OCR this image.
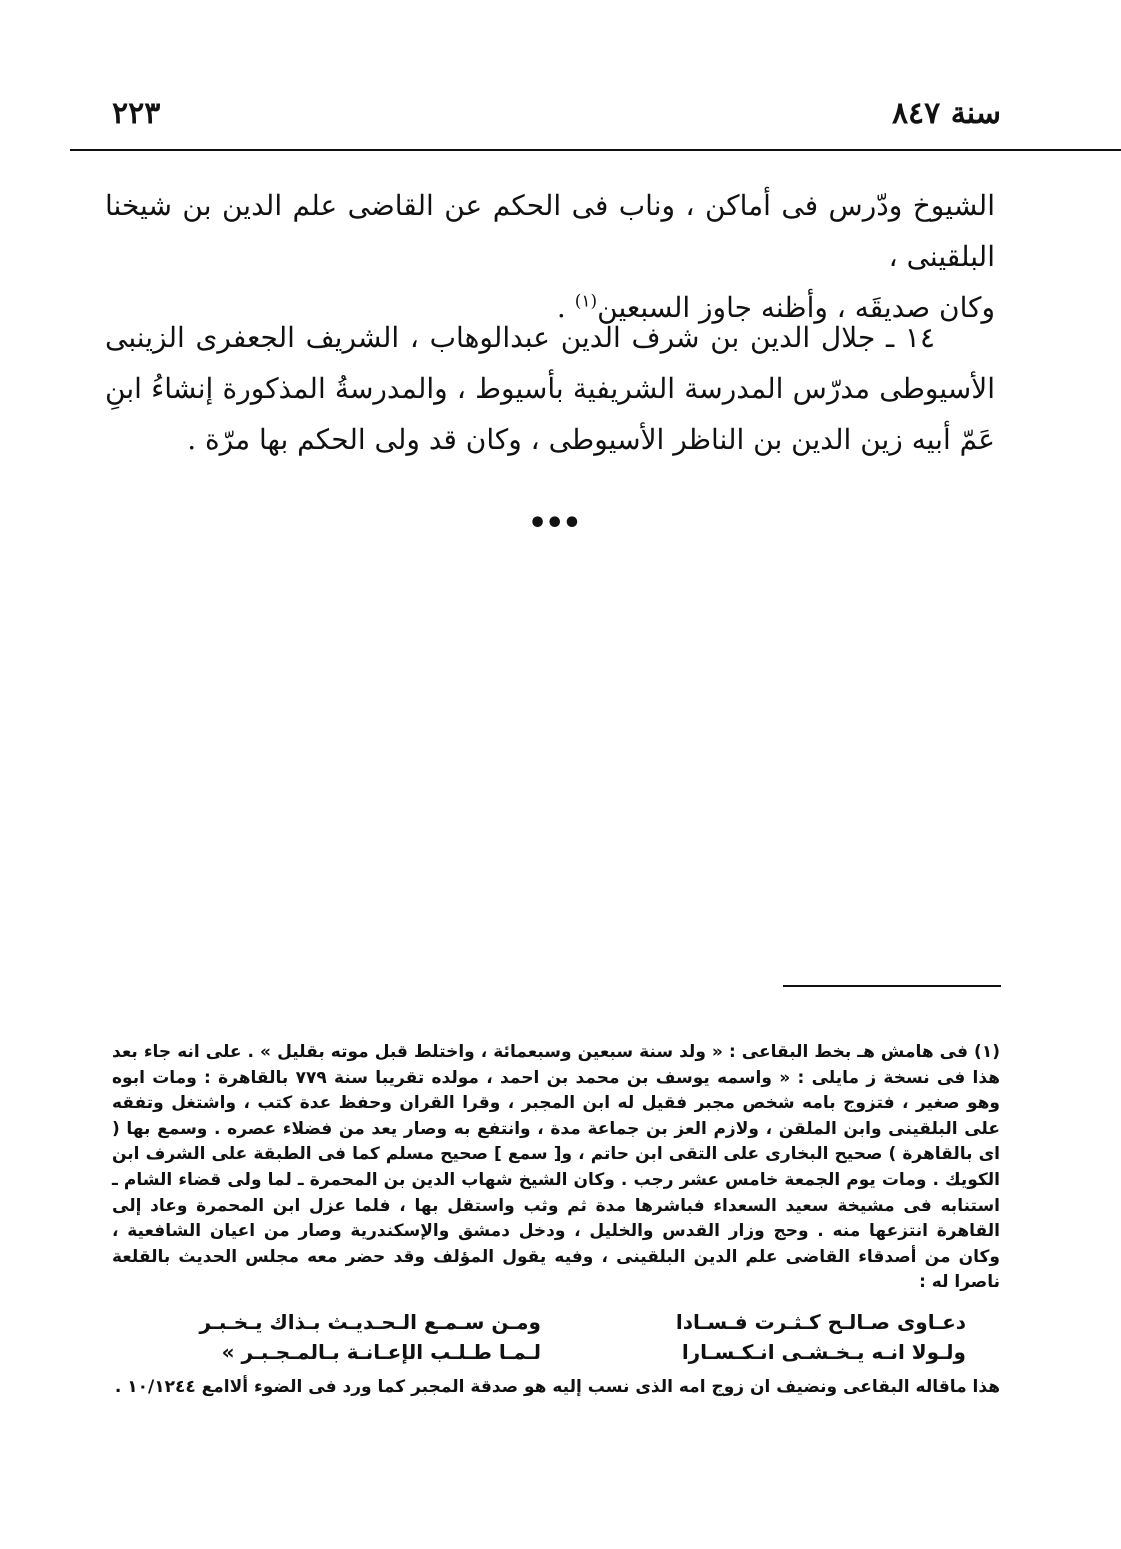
سنة ٨٤٧
٢٢٣
الشيوخ ودّرس فى أماكن ، وناب فى الحكم عن القاضى علم الدين بن شيخنا البلقينى ،
وكان صديقَه ، وأظنه جاوز السبعين$^{(١)}$ .
١٤ ـ جلال الدين بن شرف الدين عبدالوهاب ، الشريف الجعفرى الزينبى الأسيوطى مدرّس المدرسة الشريفية بأسيوط ، والمدرسةُ المذكورة إنشاءُ ابنِ عَمّ أبيه زين الدين بن الناظر الأسيوطى ، وكان قد ولى الحكم بها مرّة .
•••
(١) فى هامش هـ بخط البقاعى : « ولد سنة سبعين وسبعمائة ، واختلط قبل موته بقليل » . على انه جاء بعد هذا فى نسخة ز مايلى : « واسمه يوسف بن محمد بن احمد ، مولده تقريبا سنة ٧٧٩ بالقاهرة : ومات ابوه وهو صغير ، فتزوج بامه شخص مجبر فقيل له ابن المجبر ، وقرا القران وحفظ عدة كتب ، واشتغل وتفقه على البلقينى وابن الملقن ، ولازم العز بن جماعة مدة ، وانتفع به وصار يعد من فضلاء عصره . وسمع بها ( اى بالقاهرة ) صحيح البخارى على التقى ابن حاتم ، و[ سمع ] صحيح مسلم كما فى الطبقة على الشرف ابن الكويك . ومات يوم الجمعة خامس عشر رجب . وكان الشيخ شهاب الدين بن المحمرة ـ لما ولى قضاء الشام ـ استنابه فى مشيخة سعيد السعداء فباشرها مدة ثم وثب واستقل بها ، فلما عزل ابن المحمرة وعاد إلى القاهرة انتزعها منه . وحج وزار القدس والخليل ، ودخل دمشق والإسكندرية وصار من اعيان الشافعية ، وكان من أصدقاء القاضى علم الدين البلقينى ، وفيه يقول المؤلف وقد حضر معه مجلس الحديث بالقلعة ناصرا له :
دعـاوى صـالـح كـثـرت فـسـادا
ومـن سـمـع الـحـديـث بـذاك يـخـبـر
ولـولا انـه يـخـشـى انـكـسـارا
لـمـا طـلـب الإعـانـة بـالمـجـبـر »
هذا ماقاله البقاعى ونضيف ان زوج امه الذى نسب إليه هو صدقة المجبر كما ورد فى الضوء ألاامع ١٠/١٢٤٤ .
